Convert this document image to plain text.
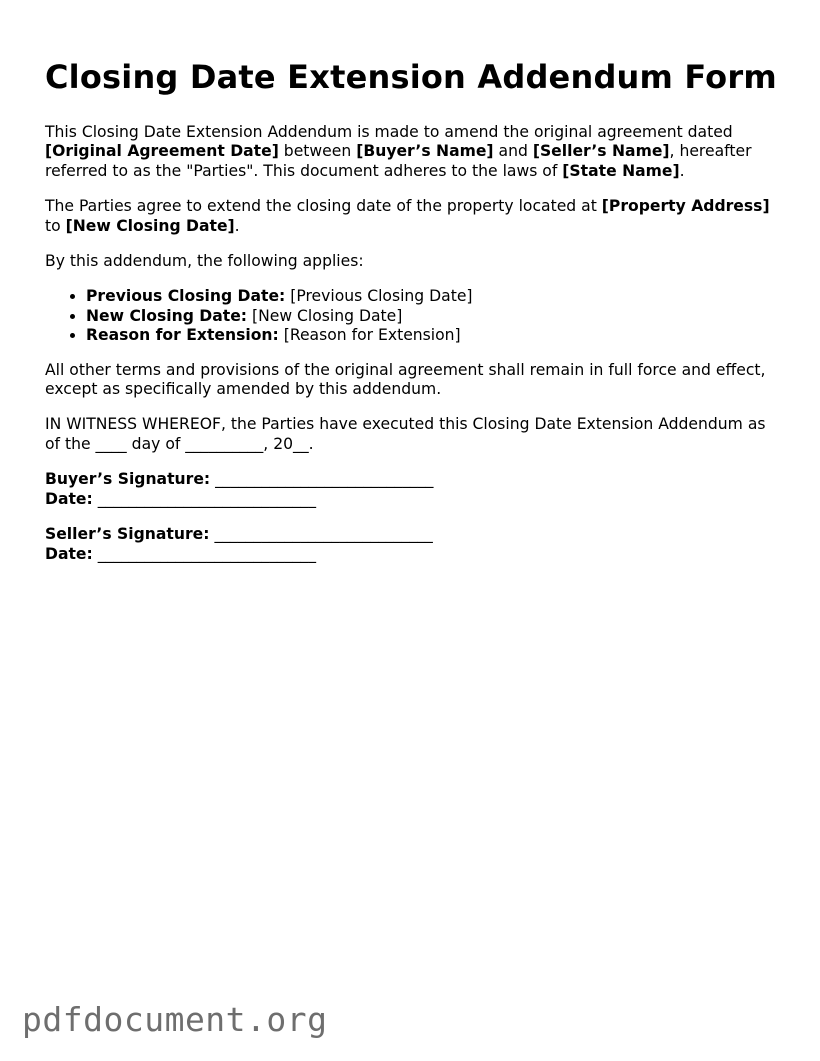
Closing Date Extension Addendum Form

This Closing Date Extension Addendum is made to amend the original agreement dated [Original Agreement Date] between [Buyer’s Name] and [Seller’s Name], hereafter referred to as the "Parties". This document adheres to the laws of [State Name].

The Parties agree to extend the closing date of the property located at [Property Address] to [New Closing Date].

By this addendum, the following applies:

• Previous Closing Date: [Previous Closing Date]
• New Closing Date: [New Closing Date]
• Reason for Extension: [Reason for Extension]

All other terms and provisions of the original agreement shall remain in full force and effect, except as specifically amended by this addendum.

IN WITNESS WHEREOF, the Parties have executed this Closing Date Extension Addendum as of the ____ day of __________, 20__.

Buyer’s Signature: ____________________________
Date: ____________________________
Seller’s Signature: ____________________________
Date: ____________________________
pdfdocument.org
